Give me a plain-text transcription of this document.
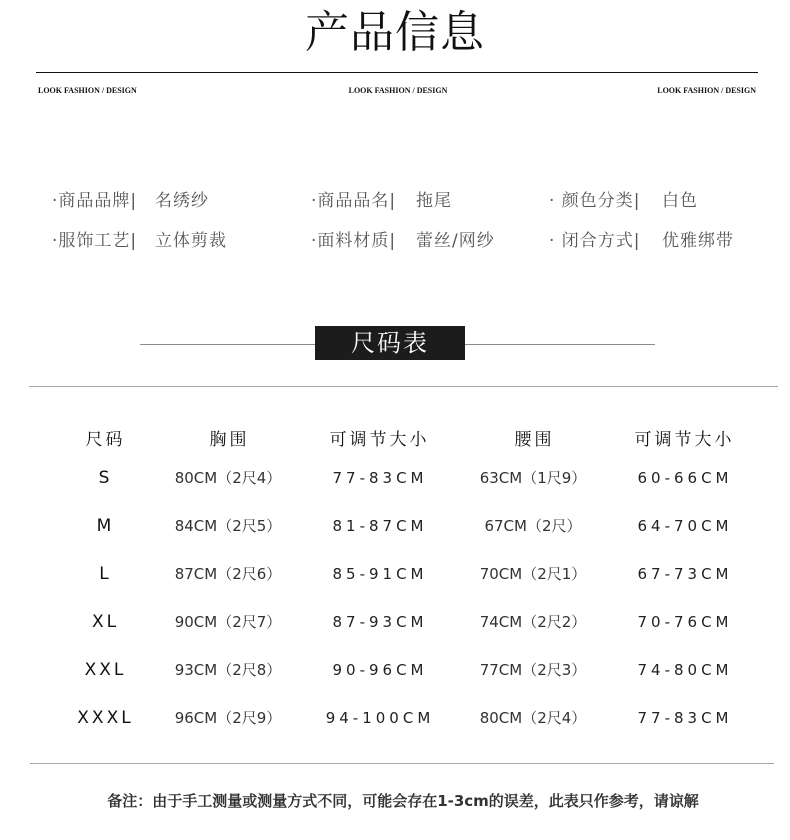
产品信息
LOOK FASHION / DESIGN	LOOK FASHION / DESIGN	LOOK FASHION / DESIGN
·商品品牌| 名绣纱	·商品品名| 拖尾	· 颜色分类| 白色
·服饰工艺| 立体剪裁	·面料材质| 蕾丝/网纱	· 闭合方式| 优雅绑带
尺码表
尺码	胸围	可调节大小	腰围	可调节大小
S	80CM（2尺4）	77-83CM	63CM（1尺9）	60-66CM
M	84CM（2尺5）	81-87CM	67CM（2尺）	64-70CM
L	87CM（2尺6）	85-91CM	70CM（2尺1）	67-73CM
XL	90CM（2尺7）	87-93CM	74CM（2尺2）	70-76CM
XXL	93CM（2尺8）	90-96CM	77CM（2尺3）	74-80CM
XXXL	96CM（2尺9）	94-100CM	80CM（2尺4）	77-83CM
备注：由于手工测量或测量方式不同，可能会存在1-3cm的误差，此表只作参考，请谅解
